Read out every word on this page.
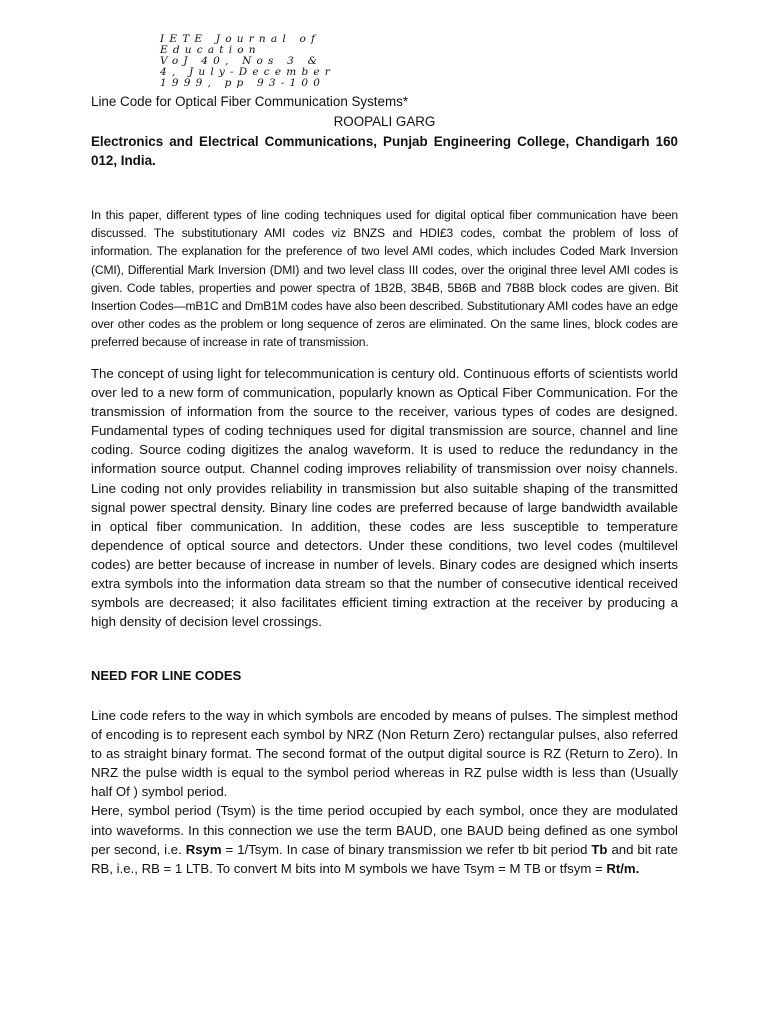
IETE Journal of
Education
VoJ 40, Nos 3 &
4, July-December
1999, pp 93-100
Line Code for Optical Fiber Communication Systems*
ROOPALI GARG
Electronics and Electrical Communications, Punjab Engineering College, Chandigarh 160 012, India.

In this paper, different types of line coding techniques used for digital optical fiber communication have been discussed. The substitutionary AMI codes viz BNZS and HDI£3 codes, combat the problem of loss of information. The explanation for the preference of two level AMI codes, which includes Coded Mark Inversion (CMI), Differential Mark Inversion (DMI) and two level class III codes, over the original three level AMI codes is given. Code tables, properties and power spectra of 1B2B, 3B4B, 5B6B and 7B8B block codes are given. Bit Insertion Codes—mB1C and DmB1M codes have also been described. Substitutionary AMI codes have an edge over other codes as the problem or long sequence of zeros are eliminated. On the same lines, block codes are preferred because of increase in rate of transmission.

The concept of using light for telecommunication is century old. Continuous efforts of scientists world over led to a new form of communication, popularly known as Optical Fiber Communication. For the transmission of information from the source to the receiver, various types of codes are designed. Fundamental types of coding techniques used for digital transmission are source, channel and line coding. Source coding digitizes the analog waveform. It is used to reduce the redundancy in the information source output. Channel coding improves reliability of transmission over noisy channels. Line coding not only provides reliability in transmission but also suitable shaping of the transmitted signal power spectral density. Binary line codes are preferred because of large bandwidth available in optical fiber communication. In addition, these codes are less susceptible to temperature dependence of optical source and detectors. Under these conditions, two level codes (multilevel codes) are better because of increase in number of levels. Binary codes are designed which inserts extra symbols into the information data stream so that the number of consecutive identical received symbols are decreased; it also facilitates efficient timing extraction at the receiver by producing a high density of decision level crossings.

NEED FOR LINE CODES
Line code refers to the way in which symbols are encoded by means of pulses. The simplest method of encoding is to represent each symbol by NRZ (Non Return Zero) rectangular pulses, also referred to as straight binary format. The second format of the output digital source is RZ (Return to Zero). In NRZ the pulse width is equal to the symbol period whereas in RZ pulse width is less than (Usually half Of ) symbol period.
Here, symbol period (Tsym) is the time period occupied by each symbol, once they are modulated into waveforms. In this connection we use the term BAUD, one BAUD being defined as one symbol per second, i.e. Rsym = 1/Tsym. In case of binary transmission we refer tb bit period Tb and bit rate RB, i.e., RB = 1 LTB. To convert M bits into M symbols we have Tsym = M TB or tfsym = Rt/m.
